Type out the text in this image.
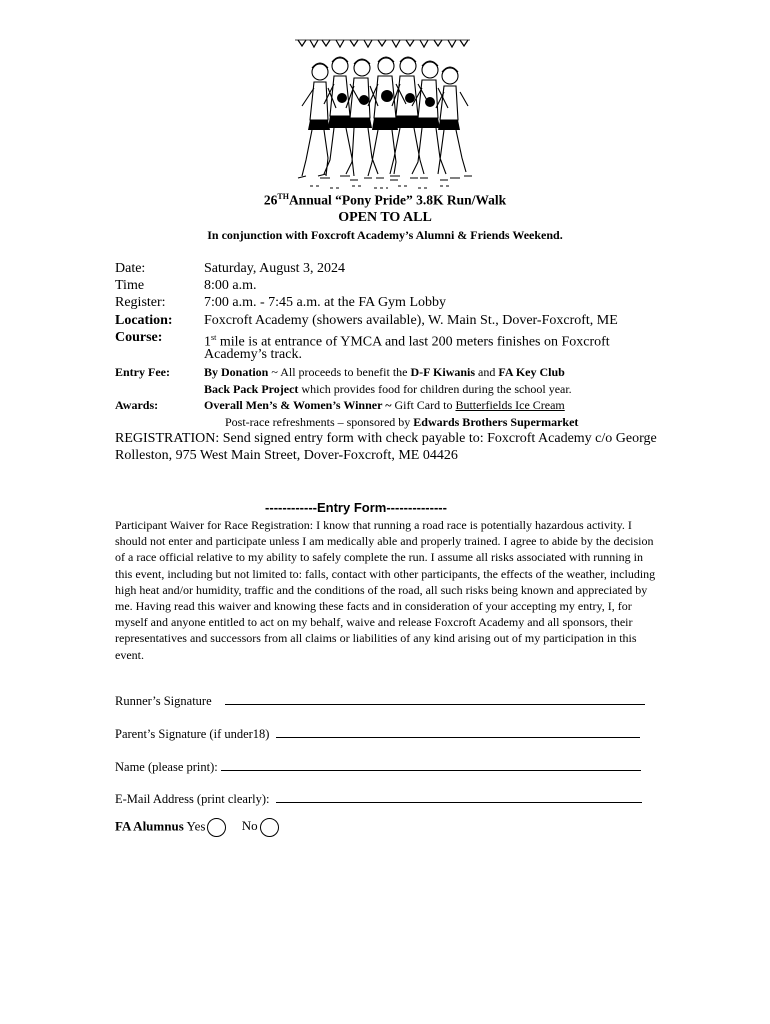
26THAnnual “Pony Pride” 3.8K Run/Walk
OPEN TO ALL
In conjunction with Foxcroft Academy’s Alumni & Friends Weekend.
Date:	Saturday, August 3, 2024
Time	8:00 a.m.
Register:	7:00 a.m. - 7:45 a.m. at the FA Gym Lobby
Location: Foxcroft Academy (showers available), W. Main St., Dover-Foxcroft, ME
Course:	1st mile is at entrance of YMCA and last 200 meters finishes on Foxcroft
Academy’s track.
Entry Fee:	By Donation ~ All proceeds to benefit the D-F Kiwanis and FA Key Club
Back Pack Project which provides food for children during the school year.
Awards:	Overall Men’s & Women’s Winner ~ Gift Card to Butterfields Ice Cream
Post-race refreshments – sponsored by Edwards Brothers Supermarket
REGISTRATION: Send signed entry form with check payable to: Foxcroft Academy c/o George Rolleston, 975 West Main Street, Dover-Foxcroft, ME 04426
------------Entry Form--------------
Participant Waiver for Race Registration: I know that running a road race is potentially hazardous activity. I should not enter and participate unless I am medically able and properly trained. I agree to abide by the decision of a race official relative to my ability to safely complete the run. I assume all risks associated with running in this event, including but not limited to: falls, contact with other participants, the effects of the weather, including high heat and/or humidity, traffic and the conditions of the road, all such risks being known and appreciated by me. Having read this waiver and knowing these facts and in consideration of your accepting my entry, I, for myself and anyone entitled to act on my behalf, waive and release Foxcroft Academy and all sponsors, their representatives and successors from all claims or liabilities of any kind arising out of my participation in this event.
Runner’s Signature
Parent’s Signature (if under18)
Name (please print):
E-Mail Address (print clearly):
FA Alumnus Yes	No
